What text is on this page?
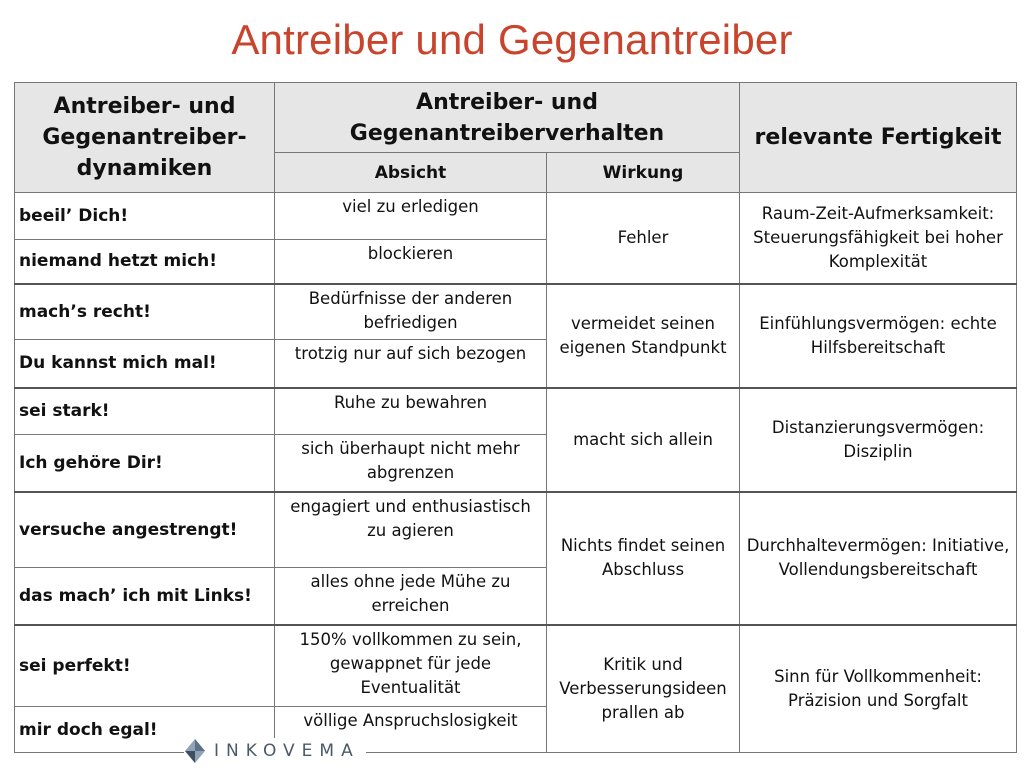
Antreiber und Gegenantreiber
Antreiber- und Gegenantreiber-dynamiken	Antreiber- und Gegenantreiberverhalten		relevante Fertigkeit
	Absicht	Wirkung	
beeil’ Dich!	viel zu erledigen	Fehler	Raum-Zeit-Aufmerksamkeit: Steuerungsfähigkeit bei hoher Komplexität
niemand hetzt mich!	blockieren		
mach’s recht!	Bedürfnisse der anderen befriedigen	vermeidet seinen eigenen Standpunkt	Einfühlungsvermögen: echte Hilfsbereitschaft
Du kannst mich mal!	trotzig nur auf sich bezogen		
sei stark!	Ruhe zu bewahren	macht sich allein	Distanzierungsvermögen: Disziplin
Ich gehöre Dir!	sich überhaupt nicht mehr abgrenzen		
versuche angestrengt!	engagiert und enthusiastisch zu agieren	Nichts findet seinen Abschluss	Durchhaltevermögen: Initiative, Vollendungsbereitschaft
das mach’ ich mit Links!	alles ohne jede Mühe zu erreichen		
sei perfekt!	150% vollkommen zu sein, gewappnet für jede Eventualität	Kritik und Verbesserungsideen prallen ab	Sinn für Vollkommenheit: Präzision und Sorgfalt
mir doch egal!	völlige Anspruchslosigkeit		
INKOVEMA
